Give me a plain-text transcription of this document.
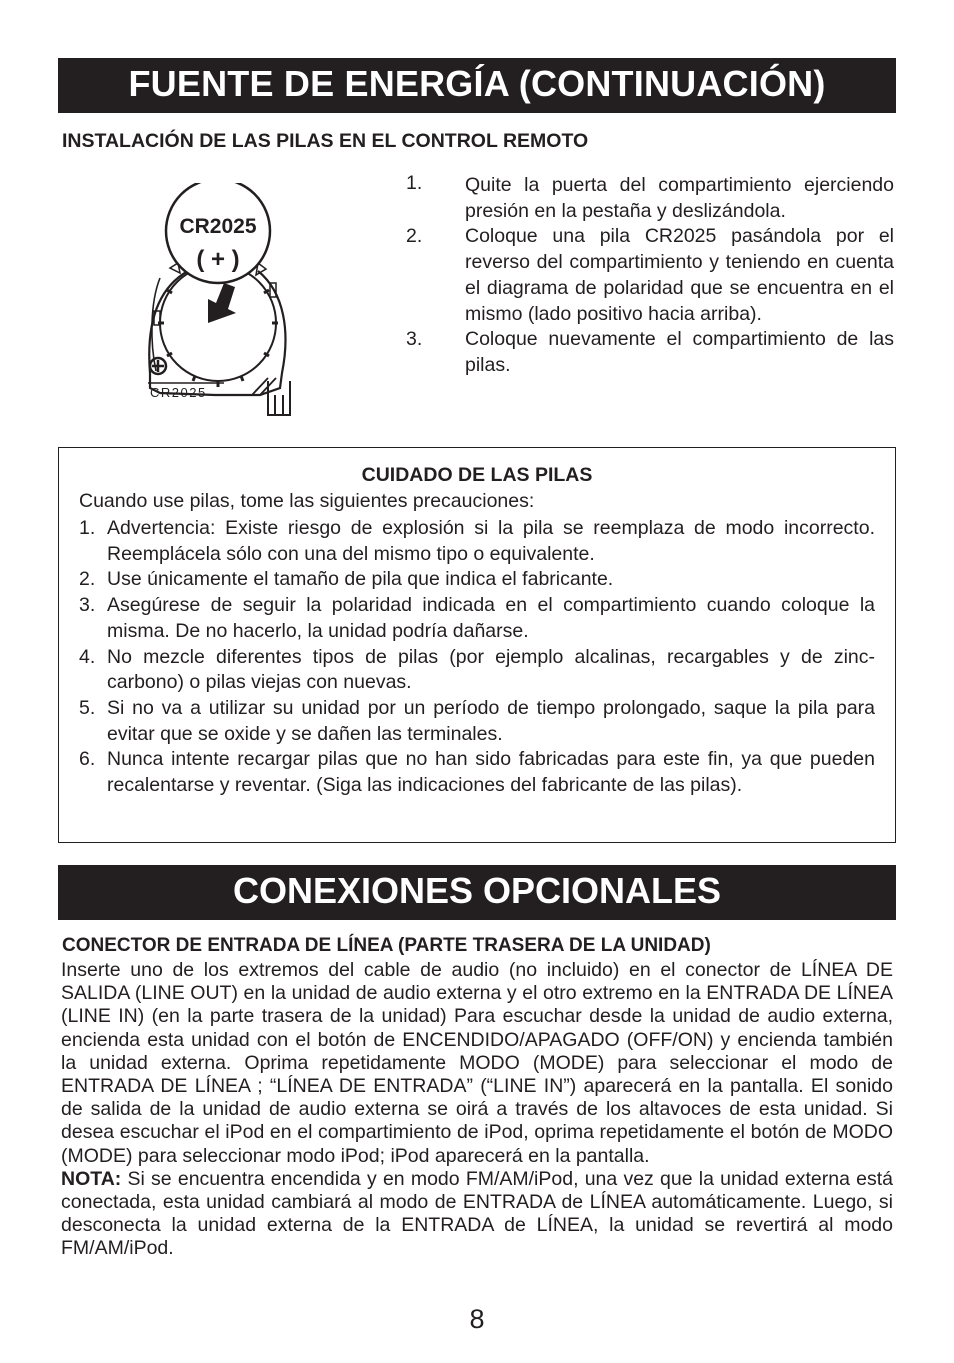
FUENTE DE ENERGÍA (CONTINUACIÓN)
INSTALACIÓN DE LAS PILAS EN EL CONTROL REMOTO
CR2025
( + )
CR2025
1. Quite la puerta del compartimiento ejerciendo presión en la pestaña y deslizándola.
2. Coloque una pila CR2025 pasándola por el reverso del compartimiento y teniendo en cuenta el diagrama de polaridad que se encuentra en el mismo (lado positivo hacia arriba).
3. Coloque nuevamente el compartimiento de las pilas.
CUIDADO DE LAS PILAS
Cuando use pilas, tome las siguientes precauciones:
1. Advertencia: Existe riesgo de explosión si la pila se reemplaza de modo incorrecto. Reemplácela sólo con una del mismo tipo o equivalente.
2. Use únicamente el tamaño de pila que indica el fabricante.
3. Asegúrese de seguir la polaridad indicada en el compartimiento cuando coloque la misma. De no hacerlo, la unidad podría dañarse.
4. No mezcle diferentes tipos de pilas (por ejemplo alcalinas, recargables y de zinc-carbono) o pilas viejas con nuevas.
5. Si no va a utilizar su unidad por un período de tiempo prolongado, saque la pila para evitar que se oxide y se dañen las terminales.
6. Nunca intente recargar pilas que no han sido fabricadas para este fin, ya que pueden recalentarse y reventar. (Siga las indicaciones del fabricante de las pilas).
CONEXIONES OPCIONALES
CONECTOR DE ENTRADA DE LÍNEA (PARTE TRASERA DE LA UNIDAD)

Inserte uno de los extremos del cable de audio (no incluido) en el conector de LÍNEA DE SALIDA (LINE OUT) en la unidad de audio externa y el otro extremo en la ENTRADA DE LÍNEA (LINE IN) (en la parte trasera de la unidad) Para escuchar desde la unidad de audio externa, encienda esta unidad con el botón de ENCENDIDO/APAGADO (OFF/ON) y encienda también la unidad externa. Oprima repetidamente MODO (MODE) para seleccionar el modo de ENTRADA DE LÍNEA ; “LÍNEA DE ENTRADA” (“LINE IN”) aparecerá en la pantalla. El sonido de salida de la unidad de audio externa se oirá a través de los altavoces de esta unidad. Si desea escuchar el iPod en el compartimiento de iPod, oprima repetidamente el botón de MODO (MODE) para seleccionar modo iPod; iPod aparecerá en la pantalla.
NOTA: Si se encuentra encendida y en modo FM/AM/iPod, una vez que la unidad externa está conectada, esta unidad cambiará al modo de ENTRADA de LÍNEA automáticamente. Luego, si desconecta la unidad externa de la ENTRADA de LÍNEA, la unidad se revertirá al modo FM/AM/iPod.

8
